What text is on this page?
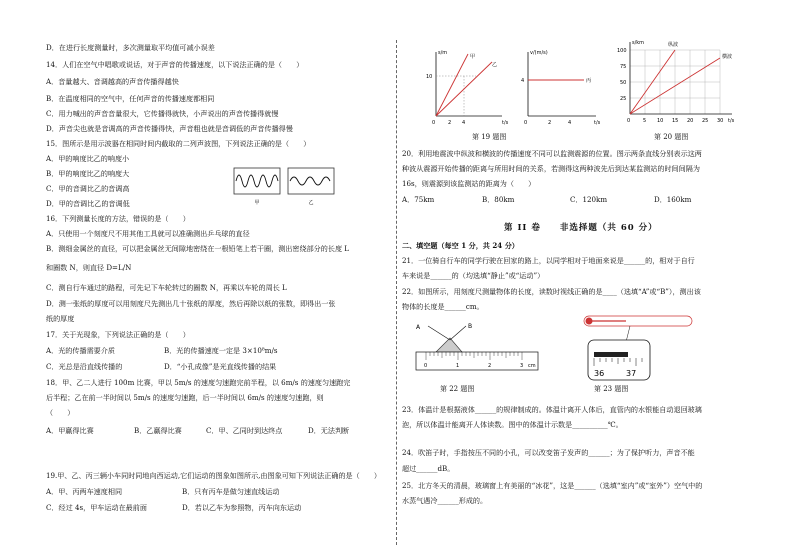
D．在进行长度测量时，多次测量取平均值可减小误差
14．人们在空气中唱歌或说话，对于声音的传播速度，以下说法正确的是（　　）
A．音量越大、音调越高的声音传播得越快
B．在温度相同的空气中，任何声音的传播速度都相同
C．用力喊出的声音音量很大，它传播得就快，小声说出的声音传播得就慢
D．声音尖也就是音调高的声音传播得快，声音粗也就是音调低的声音传播得慢
15．图所示是用示波器在相同时间内截取的二列声波图，下列说法正确的是（　　）
A．甲的响度比乙的响度小
B．甲的响度比乙的响度大
C．甲的音调比乙的音调高
D．甲的音调比乙的音调低	甲	乙
16．下列测量长度的方法，错误的是（　　）
A．只使用一个刻度尺不用其他工具就可以准确测出乒乓球的直径
B．测细金属丝的直径，可以把金属丝无间隙地密绕在一根铅笔上若干圈，测出密绕部分的长度 L
和圈数 N，则直径 D=L/N
C．测自行车通过的路程，可先记下车轮转过的圈数 N，再乘以车轮的周长 L
D．测一张纸的厚度可以用刻度尺先测出几十张纸的厚度，然后再除以纸的张数，即得出一张
纸的厚度
17．关于光现象，下列说法正确的是（　　）
A．光的传播需要介质	B．光的传播速度一定是 3×10⁸m/s
C．光总是沿直线传播的	D．“小孔成像”是光直线传播的结果
18．甲、乙二人进行 100m 比赛，甲以 5m/s 的速度匀速跑完前半程，以 6m/s 的速度匀速跑完
后半程；乙在前一半时间以 5m/s 的速度匀速跑，后一半时间以 6m/s 的速度匀速跑，则
（　　）
A．甲赢得比赛	B．乙赢得比赛	C．甲、乙同时到达终点	D．无法判断
19.甲、乙、丙三辆小车同时同地向西运动,它们运动的图象如图所示,由图象可知下列说法正确的是（　　）
A．甲、丙两车速度相同	B．只有丙车是做匀速直线运动
C．经过 4s，甲车运动在最前面	D．若以乙车为参照物，丙车向东运动
s/m
t/s
10
0	2 4
甲
乙
v/(m/s)
t/s
4
0	2	4
丙
第 19 题图
s/km
t/s
100
75
50
25
0	5 10 15 20 25 30
纵波
横波
第 20 题图
20．利用地震波中纵波和横波的传播速度不同可以监测震源的位置。图示两条直线分别表示这两
种波从震源开始传播的距离与所用时间的关系，若测得这两种波先后到达某监测站的时间间隔为
16s，则震源到该监测站的距离为（　　）
A．75km	B．80km	C．120km	D．160km
第 II 卷　　非选择题（共 60 分）
二、填空题（每空 1 分，共 24 分）
21．一位骑自行车的同学行驶在回家的路上，以同学相对于地面来说是______的，相对于自行
车来说是______的（均选填“静止”或“运动”）
22．如图所示，用刻度尺测量物体的长度，读数时视线正确的是____（选填“A”或“B”），测出该
物体的长度是______cm。
A	B
0	1	2	3 cm
第 22 题图
36	37
第 23 题图
23．体温计是根据液体______的规律制成的。体温计离开人体后，直管内的水银能自动退回玻璃
泡，所以体温计能离开人体读数。图中的体温计示数是__________℃。
24．吹笛子时，手指按压不同的小孔，可以改变笛子发声的______；为了保护听力，声音不能
超过______dB。
25．北方冬天的清晨，玻璃窗上有美丽的“冰花”，这是______（选填“室内”或“室外”）空气中的
水蒸气遇冷______形成的。
